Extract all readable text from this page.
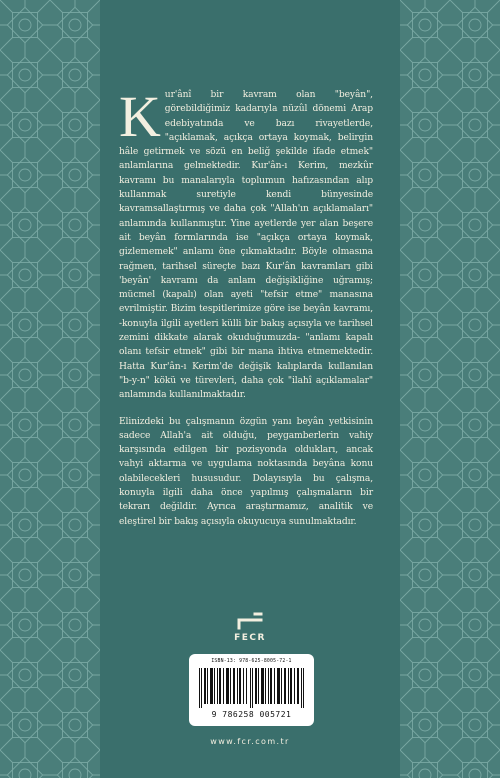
Kur'ânî bir kavram olan "beyân", görebildiğimiz kadarıyla nüzûl dönemi Arap edebiyatında ve bazı rivayetlerde, "açıklamak, açıkça ortaya koymak, belirgin hâle getirmek ve sözü en beliğ şekilde ifade etmek" anlamlarına gelmektedir. Kur'ân-ı Kerim, mezkûr kavramı bu manalarıyla toplumun hafızasından alıp kullanmak suretiyle kendi bünyesinde kavramsallaştırmış ve daha çok "Allah'ın açıklamaları" anlamında kullanmıştır. Yine ayetlerde yer alan beşere ait beyân formlarında ise "açıkça ortaya koymak, gizlememek" anlamı öne çıkmaktadır. Böyle olmasına rağmen, tarihsel süreçte bazı Kur'ân kavramları gibi 'beyân' kavramı da anlam değişikliğine uğramış; mücmel (kapalı) olan ayeti "tefsir etme" manasına evrilmiştir. Bizim tespitlerimize göre ise beyân kavramı, -konuyla ilgili ayetleri külli bir bakış açısıyla ve tarihsel zemini dikkate alarak okuduğumuzda- "anlamı kapalı olanı tefsir etmek" gibi bir mana ihtiva etmemektedir. Hatta Kur'ân-ı Kerim'de değişik kalıplarda kullanılan "b-y-n" kökü ve türevleri, daha çok "ilahî açıklamalar" anlamında kullanılmaktadır.

Elinizdeki bu çalışmanın özgün yanı beyân yetkisinin sadece Allah'a ait olduğu, peygamberlerin vahiy karşısında edilgen bir pozisyonda oldukları, ancak vahyi aktarma ve uygulama noktasında beyâna konu olabilecekleri hususudur. Dolayısıyla bu çalışma, konuyla ilgili daha önce yapılmış çalışmaların bir tekrarı değildir. Ayrıca araştırmamız, analitik ve eleştirel bir bakış açısıyla okuyucuya sunulmaktadır.

FECR
ISBN-13: 978-625-8005-72-1
9 786258 005721
www.fcr.com.tr
